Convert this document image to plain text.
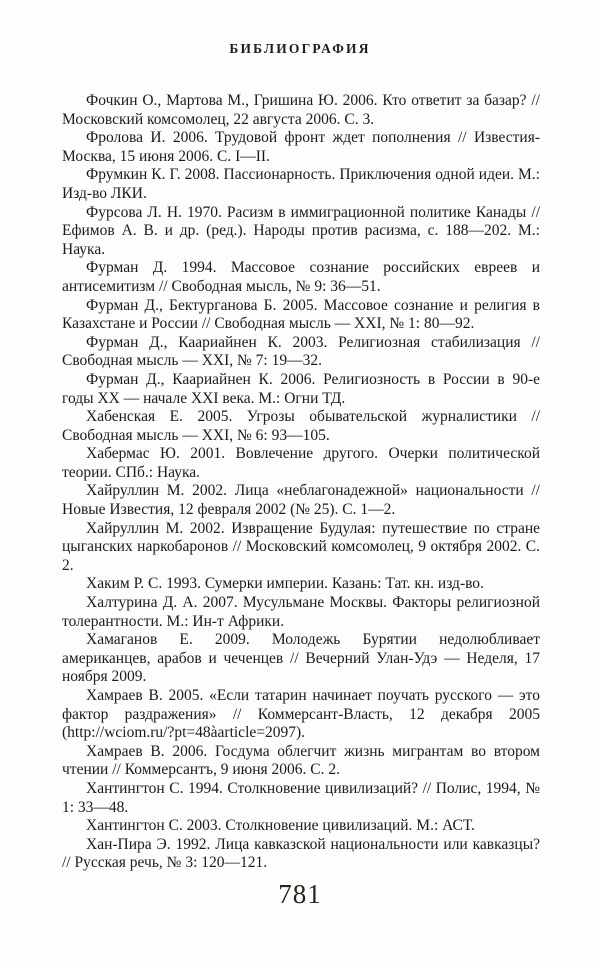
БИБЛИОГРАФИЯ

Фочкин О., Мартова М., Гришина Ю. 2006. Кто ответит за базар? // Московский комсомолец, 22 августа 2006. С. 3.

Фролова И. 2006. Трудовой фронт ждет пополнения // Известия-Москва, 15 июня 2006. С. I—II.

Фрумкин К. Г. 2008. Пассионарность. Приключения одной идеи. М.: Изд-во ЛКИ.

Фурсова Л. Н. 1970. Расизм в иммиграционной политике Канады // Ефимов А. В. и др. (ред.). Народы против расизма, с. 188—202. М.: Наука.

Фурман Д. 1994. Массовое сознание российских евреев и антисемитизм // Свободная мысль, № 9: 36—51.

Фурман Д., Бектурганова Б. 2005. Массовое сознание и религия в Казахстане и России // Свободная мысль — XXI, № 1: 80—92.

Фурман Д., Каариайнен К. 2003. Религиозная стабилизация // Свободная мысль — XXI, № 7: 19—32.

Фурман Д., Каариайнен К. 2006. Религиозность в России в 90-е годы XX — начале XXI века. М.: Огни ТД.

Хабенская Е. 2005. Угрозы обывательской журналистики // Свободная мысль — XXI, № 6: 93—105.

Хабермас Ю. 2001. Вовлечение другого. Очерки политической теории. СПб.: Наука.

Хайруллин М. 2002. Лица «неблагонадежной» национальности // Новые Известия, 12 февраля 2002 (№ 25). С. 1—2.

Хайруллин М. 2002. Извращение Будулая: путешествие по стране цыганских наркобаронов // Московский комсомолец, 9 октября 2002. С. 2.

Хаким Р. С. 1993. Сумерки империи. Казань: Тат. кн. изд-во.

Халтурина Д. А. 2007. Мусульмане Москвы. Факторы религиозной толерантности. М.: Ин-т Африки.

Хамаганов Е. 2009. Молодежь Бурятии недолюбливает американцев, арабов и чеченцев // Вечерний Улан-Удэ — Неделя, 17 ноября 2009.

Хамраев В. 2005. «Если татарин начинает поучать русского — это фактор раздражения» // Коммерсант-Власть, 12 декабря 2005 (http://wciom.ru/?pt=48àarticle=2097).

Хамраев В. 2006. Госдума облегчит жизнь мигрантам во втором чтении // Коммерсантъ, 9 июня 2006. С. 2.

Хантингтон С. 1994. Столкновение цивилизаций? // Полис, 1994, № 1: 33—48.

Хантингтон С. 2003. Столкновение цивилизаций. М.: АСТ.

Хан-Пира Э. 1992. Лица кавказской национальности или кавказцы? // Русская речь, № 3: 120—121.

781
